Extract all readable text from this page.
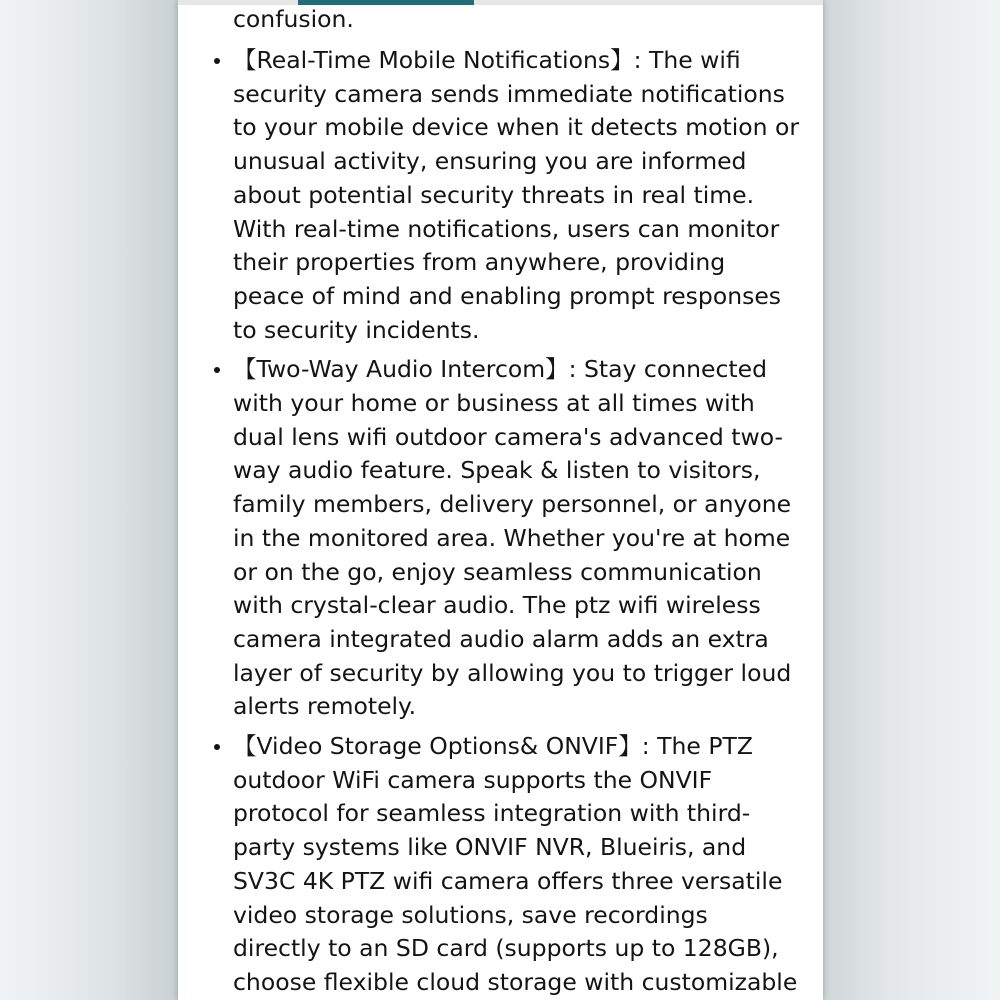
confusion.
【Real-Time Mobile Notifications】: The wifi
security camera sends immediate notifications
to your mobile device when it detects motion or
unusual activity, ensuring you are informed
about potential security threats in real time.
With real-time notifications, users can monitor
their properties from anywhere, providing
peace of mind and enabling prompt responses
to security incidents.
【Two-Way Audio Intercom】: Stay connected
with your home or business at all times with
dual lens wifi outdoor camera's advanced two-
way audio feature. Speak & listen to visitors,
family members, delivery personnel, or anyone
in the monitored area. Whether you're at home
or on the go, enjoy seamless communication
with crystal-clear audio. The ptz wifi wireless
camera integrated audio alarm adds an extra
layer of security by allowing you to trigger loud
alerts remotely.
【Video Storage Options& ONVIF】: The PTZ
outdoor WiFi camera supports the ONVIF
protocol for seamless integration with third-
party systems like ONVIF NVR, Blueiris, and
SV3C 4K PTZ wifi camera offers three versatile
video storage solutions, save recordings
directly to an SD card (supports up to 128GB),
choose flexible cloud storage with customizable
